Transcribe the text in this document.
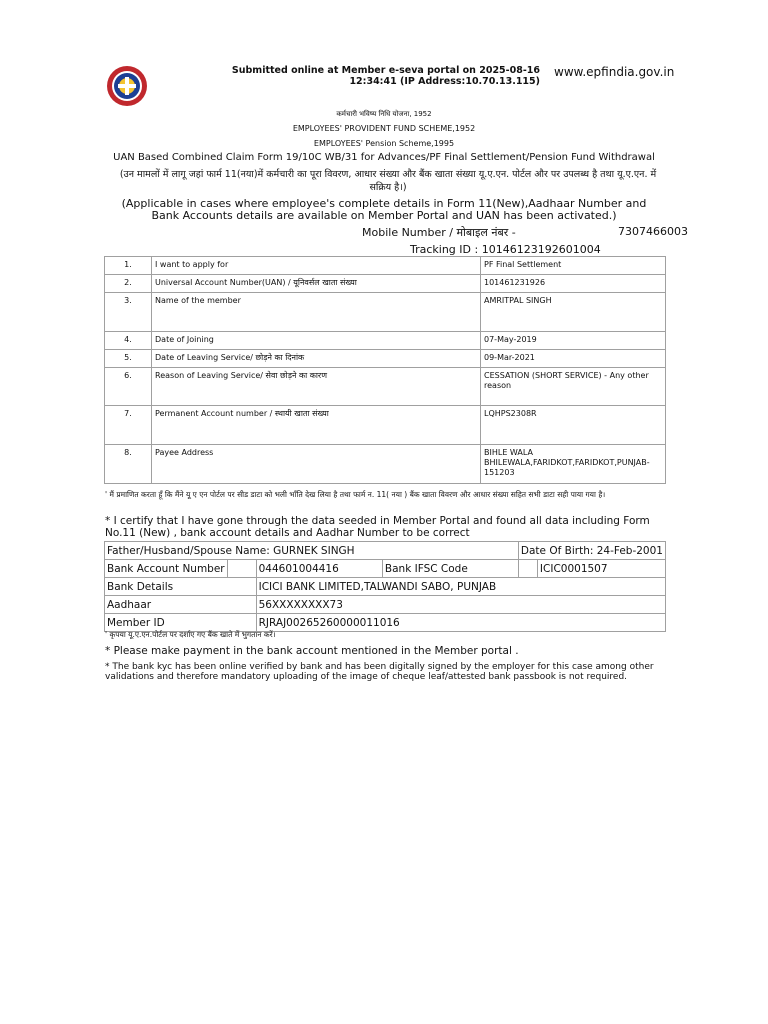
Submitted online at Member e-seva portal on 2025-08-16 12:34:41 (IP Address:10.70.13.115)
www.epfindia.gov.in
कर्मचारी भविष्य निधि योजना, 1952
EMPLOYEES' PROVIDENT FUND SCHEME,1952
EMPLOYEES' Pension Scheme,1995
UAN Based Combined Claim Form 19/10C WB/31 for Advances/PF Final Settlement/Pension Fund Withdrawal
(उन मामलों में लागू जहां फार्म 11(नया)में कर्मचारी का पूरा विवरण, आधार संख्या और बैंक खाता संख्या यू.ए.एन. पोर्टल और पर उपलब्ध है तथा यू.ए.एन. में सक्रिय है।)
(Applicable in cases where employee's complete details in Form 11(New),Aadhaar Number and Bank Accounts details are available on Member Portal and UAN has been activated.)
Mobile Number / मोबाइल नंबर -	7307466003
Tracking ID : 10146123192601004
1.	I want to apply for	PF Final Settlement
2.	Universal Account Number(UAN) / यूनिवर्सल खाता संख्या	101461231926
3.	Name of the member	AMRITPAL SINGH
4.	Date of Joining	07-May-2019
5.	Date of Leaving Service/ छोड़ने का दिनांक	09-Mar-2021
6.	Reason of Leaving Service/ सेवा छोड़ने का कारण	CESSATION (SHORT SERVICE) - Any other reason
7.	Permanent Account number / स्थायी खाता संख्या	LQHPS2308R
8.	Payee Address	BIHLE WALA BHILEWALA,FARIDKOT,FARIDKOT,PUNJAB-151203
' मैं प्रमाणित करता हूँ कि मैंने यू ए एन पोर्टल पर सीड डाटा को भली भाँति देख लिया है तथा फार्म न. 11( नया ) बैंक खाता विवरण और आधार संख्या सहित सभी डाटा सही पाया गया है।
* I certify that I have gone through the data seeded in Member Portal and found all data including Form No.11 (New) , bank account details and Aadhar Number to be correct
Father/Husband/Spouse Name: GURNEK SINGH				Date Of Birth: 24-Feb-2001	
Bank Account Number		044601004416	Bank IFSC Code		ICIC0001507
Bank Details		ICICI BANK LIMITED,TALWANDI SABO, PUNJAB			
Aadhaar		56XXXXXXXX73			
Member ID		RJRAJ00265260000011016			
' कृपया यू.ए.एन.पोर्टल पर दर्शाए गए बैंक खाते में भुगतान करें।
* Please make payment in the bank account mentioned in the Member portal .
* The bank kyc has been online verified by bank and has been digitally signed by the employer for this case among other validations and therefore mandatory uploading of the image of cheque leaf/attested bank passbook is not required.
